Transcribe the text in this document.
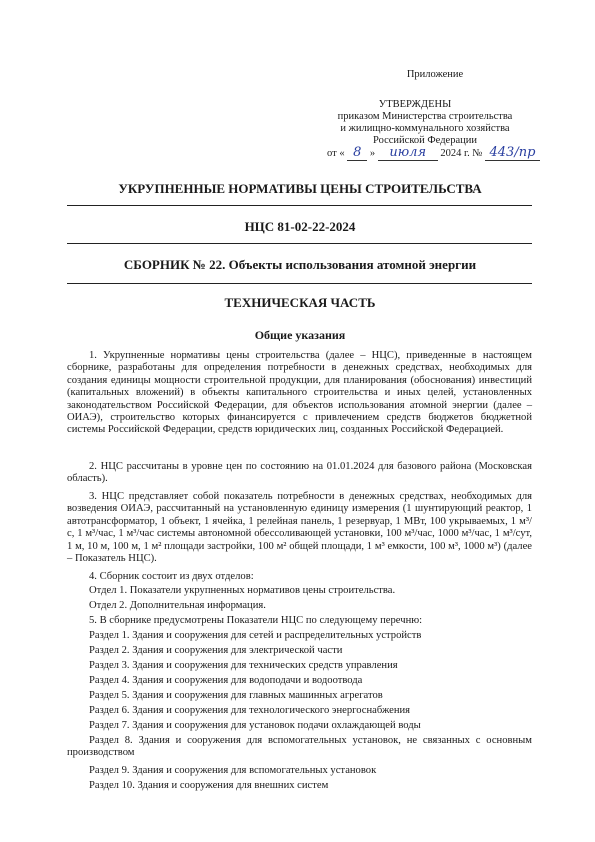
Приложение
УТВЕРЖДЕНЫ
приказом Министерства строительства
и жилищно-коммунального хозяйства
Российской Федерации
от « 8 » июля 2024 г. № 443/пр
УКРУПНЕННЫЕ НОРМАТИВЫ ЦЕНЫ СТРОИТЕЛЬСТВА
НЦС 81-02-22-2024
СБОРНИК № 22. Объекты использования атомной энергии
ТЕХНИЧЕСКАЯ ЧАСТЬ
Общие указания
1. Укрупненные нормативы цены строительства (далее – НЦС), приведенные в настоящем сборнике, разработаны для определения потребности в денежных средствах, необходимых для создания единицы мощности строительной продукции, для планирования (обоснования) инвестиций (капитальных вложений) в объекты капитального строительства и иных целей, установленных законодательством Российской Федерации, для объектов использования атомной энергии (далее – ОИАЭ), строительство которых финансируется с привлечением средств бюджетов бюджетной системы Российской Федерации, средств юридических лиц, созданных Российской Федерацией.
2. НЦС рассчитаны в уровне цен по состоянию на 01.01.2024 для базового района (Московская область).
3. НЦС представляет собой показатель потребности в денежных средствах, необходимых для возведения ОИАЭ, рассчитанный на установленную единицу измерения (1 шунтирующий реактор, 1 автотрансформатор, 1 объект, 1 ячейка, 1 релейная панель, 1 резервуар, 1 МВт, 100 укрываемых, 1 м³/с, 1 м³/час, 1 м³/час системы автономной обессоливающей установки, 100 м³/час, 1000 м³/час, 1 м³/сут, 1 м, 10 м, 100 м, 1 м² площади застройки, 100 м² общей площади, 1 м³ емкости, 100 м³, 1000 м³) (далее – Показатель НЦС).
4. Сборник состоит из двух отделов:
Отдел 1. Показатели укрупненных нормативов цены строительства.
Отдел 2. Дополнительная информация.
5. В сборнике предусмотрены Показатели НЦС по следующему перечню:
Раздел 1. Здания и сооружения для сетей и распределительных устройств
Раздел 2. Здания и сооружения для электрической части
Раздел 3. Здания и сооружения для технических средств управления
Раздел 4. Здания и сооружения для водоподачи и водоотвода
Раздел 5. Здания и сооружения для главных машинных агрегатов
Раздел 6. Здания и сооружения для технологического энергоснабжения
Раздел 7. Здания и сооружения для установок подачи охлаждающей воды
Раздел 8. Здания и сооружения для вспомогательных установок, не связанных с основным производством
Раздел 9. Здания и сооружения для вспомогательных установок
Раздел 10. Здания и сооружения для внешних систем
